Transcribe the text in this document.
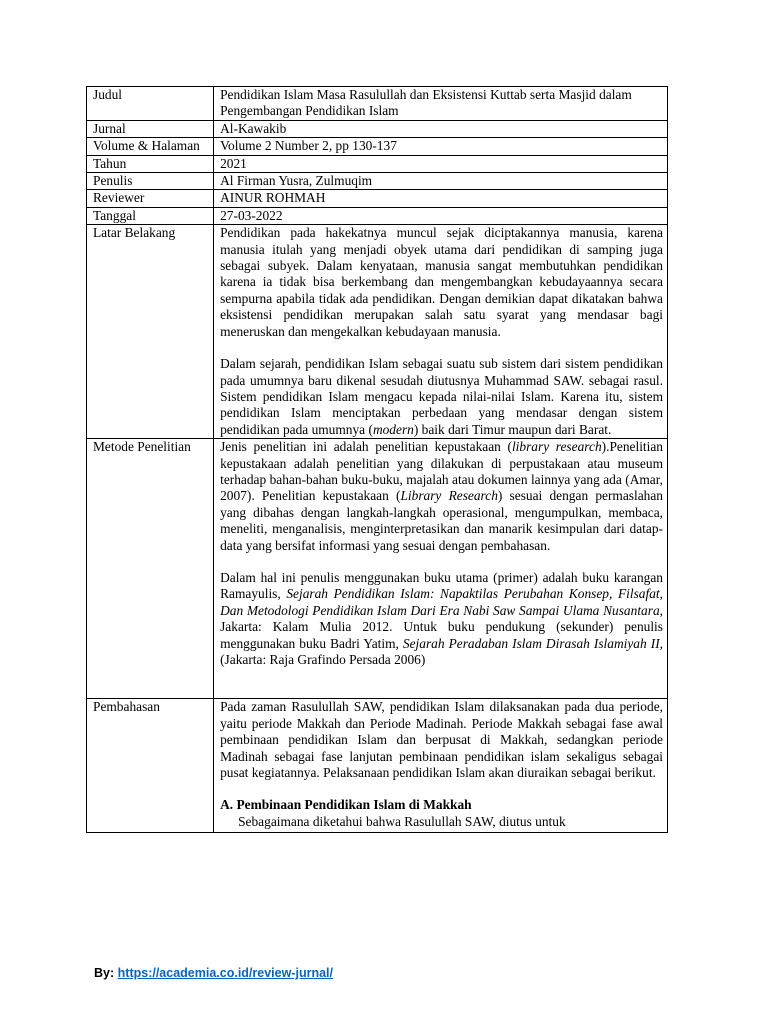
Judul	Pendidikan Islam Masa Rasulullah dan Eksistensi Kuttab serta Masjid dalam Pengembangan Pendidikan Islam
Jurnal	Al-Kawakib
Volume & Halaman	Volume 2 Number 2, pp 130-137
Tahun	2021
Penulis	Al Firman Yusra, Zulmuqim
Reviewer	AINUR ROHMAH
Tanggal	27-03-2022
Latar Belakang	Pendidikan pada hakekatnya muncul sejak diciptakannya manusia, karena manusia itulah yang menjadi obyek utama dari pendidikan di samping juga sebagai subyek. Dalam kenyataan, manusia sangat membutuhkan pendidikan karena ia tidak bisa berkembang dan mengembangkan kebudayaannya secara sempurna apabila tidak ada pendidikan. Dengan demikian dapat dikatakan bahwa eksistensi pendidikan merupakan salah satu syarat yang mendasar bagi meneruskan dan mengekalkan kebudayaan manusia.

Dalam sejarah, pendidikan Islam sebagai suatu sub sistem dari sistem pendidikan pada umumnya baru dikenal sesudah diutusnya Muhammad SAW. sebagai rasul. Sistem pendidikan Islam mengacu kepada nilai-nilai Islam. Karena itu, sistem pendidikan Islam menciptakan perbedaan yang mendasar dengan sistem pendidikan pada umumnya (modern) baik dari Timur maupun dari Barat.

Metode Penelitian	Jenis penelitian ini adalah penelitian kepustakaan (library research).Penelitian kepustakaan adalah penelitian yang dilakukan di perpustakaan atau museum terhadap bahan-bahan buku-buku, majalah atau dokumen lainnya yang ada (Amar, 2007). Penelitian kepustakaan (Library Research) sesuai dengan permaslahan yang dibahas dengan langkah-langkah operasional, mengumpulkan, membaca, meneliti, menganalisis, menginterpretasikan dan manarik kesimpulan dari datap-data yang bersifat informasi yang sesuai dengan pembahasan.

Dalam hal ini penulis menggunakan buku utama (primer) adalah buku karangan Ramayulis, Sejarah Pendidikan Islam: Napaktilas Perubahan Konsep, Filsafat, Dan Metodologi Pendidikan Islam Dari Era Nabi Saw Sampai Ulama Nusantara, Jakarta: Kalam Mulia 2012. Untuk buku pendukung (sekunder) penulis menggunakan buku Badri Yatim, Sejarah Peradaban Islam Dirasah Islamiyah II, (Jakarta: Raja Grafindo Persada 2006)

Pembahasan	Pada zaman Rasulullah SAW, pendidikan Islam dilaksanakan pada dua periode, yaitu periode Makkah dan Periode Madinah. Periode Makkah sebagai fase awal pembinaan pendidikan Islam dan berpusat di Makkah, sedangkan periode Madinah sebagai fase lanjutan pembinaan pendidikan islam sekaligus sebagai pusat kegiatannya. Pelaksanaan pendidikan Islam akan diuraikan sebagai berikut.

A. Pembinaan Pendidikan Islam di Makkah
Sebagaimana diketahui bahwa Rasulullah SAW, diutus untuk
By: https://academia.co.id/review-jurnal/
